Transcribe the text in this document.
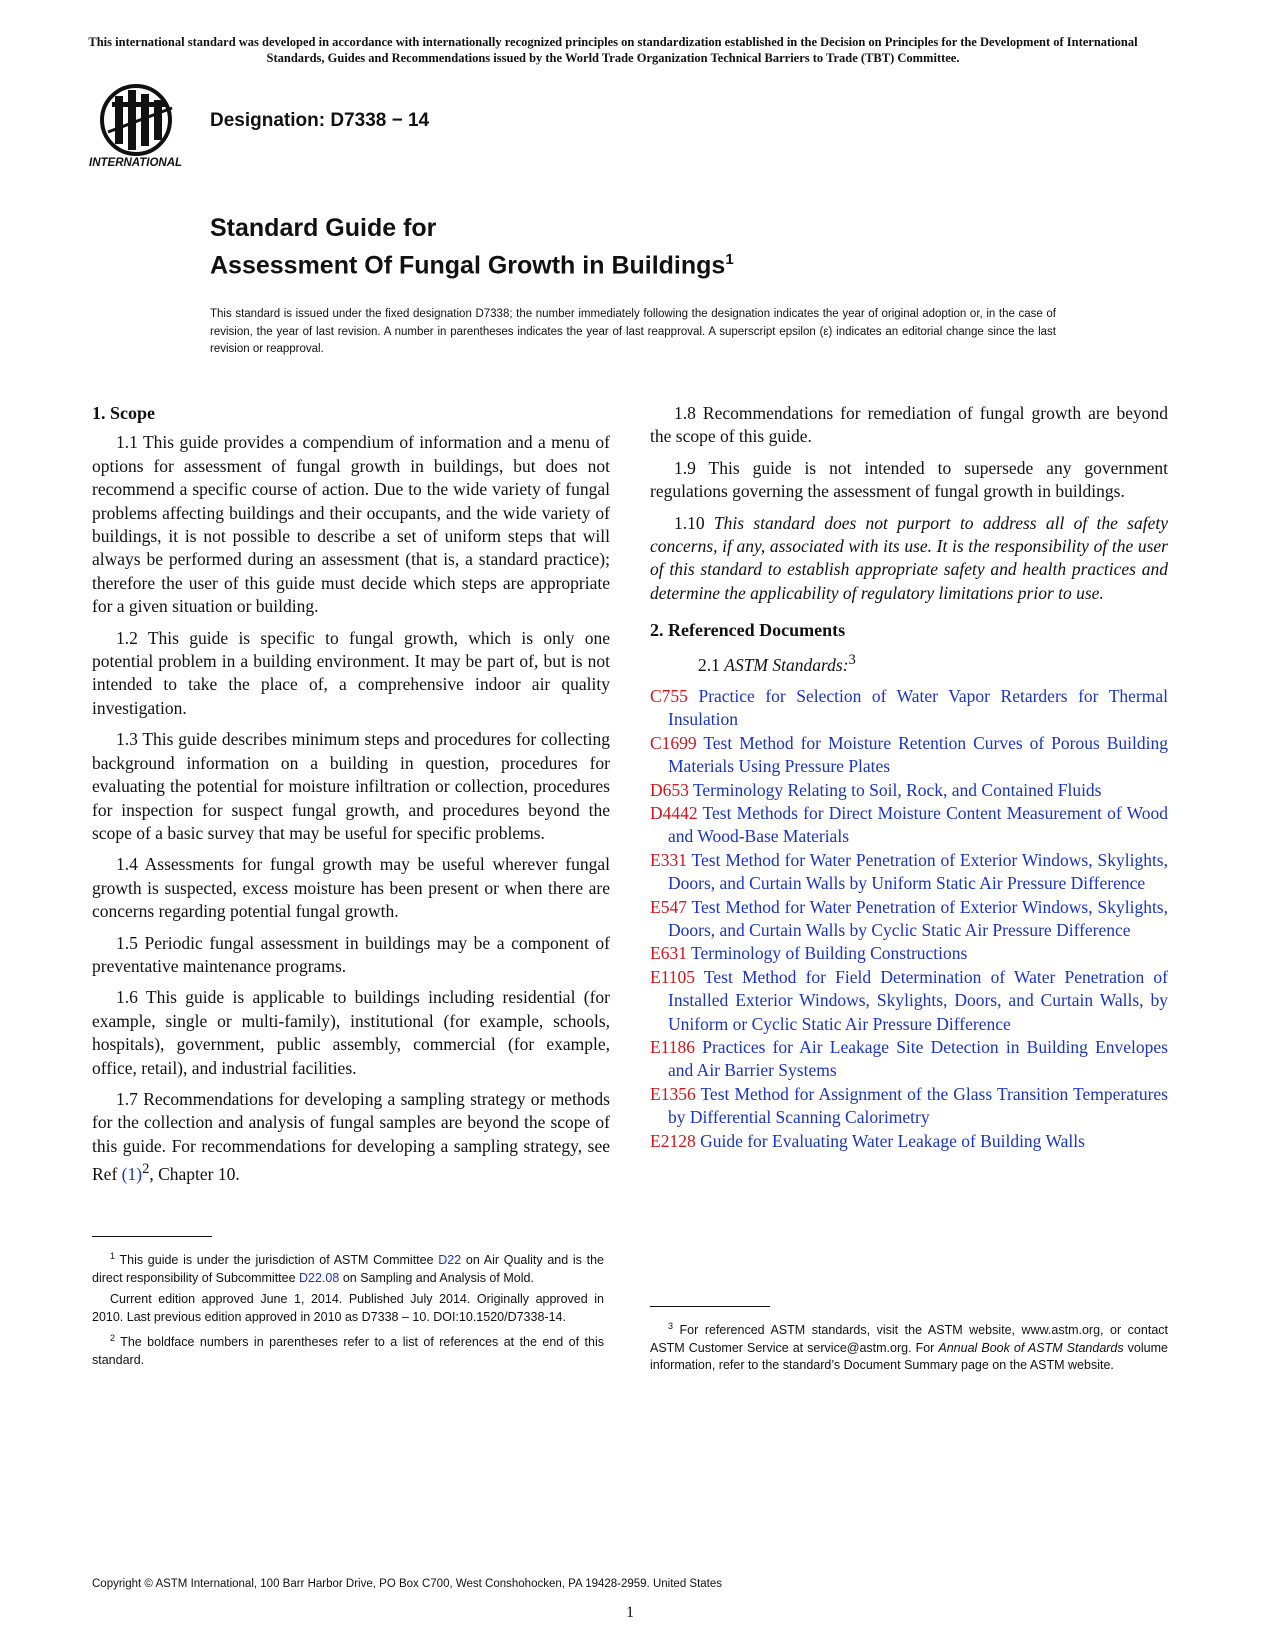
This international standard was developed in accordance with internationally recognized principles on standardization established in the Decision on Principles for the Development of International Standards, Guides and Recommendations issued by the World Trade Organization Technical Barriers to Trade (TBT) Committee.
INTERNATIONAL
Designation: D7338 − 14
Standard Guide for
Assessment Of Fungal Growth in Buildings$^1$
This standard is issued under the fixed designation D7338; the number immediately following the designation indicates the year of original adoption or, in the case of revision, the year of last revision. A number in parentheses indicates the year of last reapproval. A superscript epsilon (ε) indicates an editorial change since the last revision or reapproval.
1. Scope

1.1 This guide provides a compendium of information and a menu of options for assessment of fungal growth in buildings, but does not recommend a specific course of action. Due to the wide variety of fungal problems affecting buildings and their occupants, and the wide variety of buildings, it is not possible to describe a set of uniform steps that will always be performed during an assessment (that is, a standard practice); therefore the user of this guide must decide which steps are appropriate for a given situation or building.

1.2 This guide is specific to fungal growth, which is only one potential problem in a building environment. It may be part of, but is not intended to take the place of, a comprehensive indoor air quality investigation.

1.3 This guide describes minimum steps and procedures for collecting background information on a building in question, procedures for evaluating the potential for moisture infiltration or collection, procedures for inspection for suspect fungal growth, and procedures beyond the scope of a basic survey that may be useful for specific problems.

1.4 Assessments for fungal growth may be useful wherever fungal growth is suspected, excess moisture has been present or when there are concerns regarding potential fungal growth.

1.5 Periodic fungal assessment in buildings may be a component of preventative maintenance programs.

1.6 This guide is applicable to buildings including residential (for example, single or multi-family), institutional (for example, schools, hospitals), government, public assembly, commercial (for example, office, retail), and industrial facilities.

1.7 Recommendations for developing a sampling strategy or methods for the collection and analysis of fungal samples are beyond the scope of this guide. For recommendations for developing a sampling strategy, see Ref $(1)^2$, Chapter 10.

1.8 Recommendations for remediation of fungal growth are beyond the scope of this guide.

1.9 This guide is not intended to supersede any government regulations governing the assessment of fungal growth in buildings.

1.10 This standard does not purport to address all of the safety concerns, if any, associated with its use. It is the responsibility of the user of this standard to establish appropriate safety and health practices and determine the applicability of regulatory limitations prior to use.

2. Referenced Documents

2.1 ASTM Standards:$^3$

C755 Practice for Selection of Water Vapor Retarders for Thermal Insulation
C1699 Test Method for Moisture Retention Curves of Porous Building Materials Using Pressure Plates
D653 Terminology Relating to Soil, Rock, and Contained Fluids
D4442 Test Methods for Direct Moisture Content Measurement of Wood and Wood-Base Materials
E331 Test Method for Water Penetration of Exterior Windows, Skylights, Doors, and Curtain Walls by Uniform Static Air Pressure Difference
E547 Test Method for Water Penetration of Exterior Windows, Skylights, Doors, and Curtain Walls by Cyclic Static Air Pressure Difference
E631 Terminology of Building Constructions
E1105 Test Method for Field Determination of Water Penetration of Installed Exterior Windows, Skylights, Doors, and Curtain Walls, by Uniform or Cyclic Static Air Pressure Difference
E1186 Practices for Air Leakage Site Detection in Building Envelopes and Air Barrier Systems
E1356 Test Method for Assignment of the Glass Transition Temperatures by Differential Scanning Calorimetry
E2128 Guide for Evaluating Water Leakage of Building Walls

$^1$ This guide is under the jurisdiction of ASTM Committee D22 on Air Quality and is the direct responsibility of Subcommittee D22.08 on Sampling and Analysis of Mold.

Current edition approved June 1, 2014. Published July 2014. Originally approved in 2010. Last previous edition approved in 2010 as D7338 – 10. DOI:10.1520/D7338-14.

$^2$ The boldface numbers in parentheses refer to a list of references at the end of this standard.

$^3$ For referenced ASTM standards, visit the ASTM website, www.astm.org, or contact ASTM Customer Service at service@astm.org. For Annual Book of ASTM Standards volume information, refer to the standard’s Document Summary page on the ASTM website.

Copyright © ASTM International, 100 Barr Harbor Drive, PO Box C700, West Conshohocken, PA 19428-2959. United States
1
